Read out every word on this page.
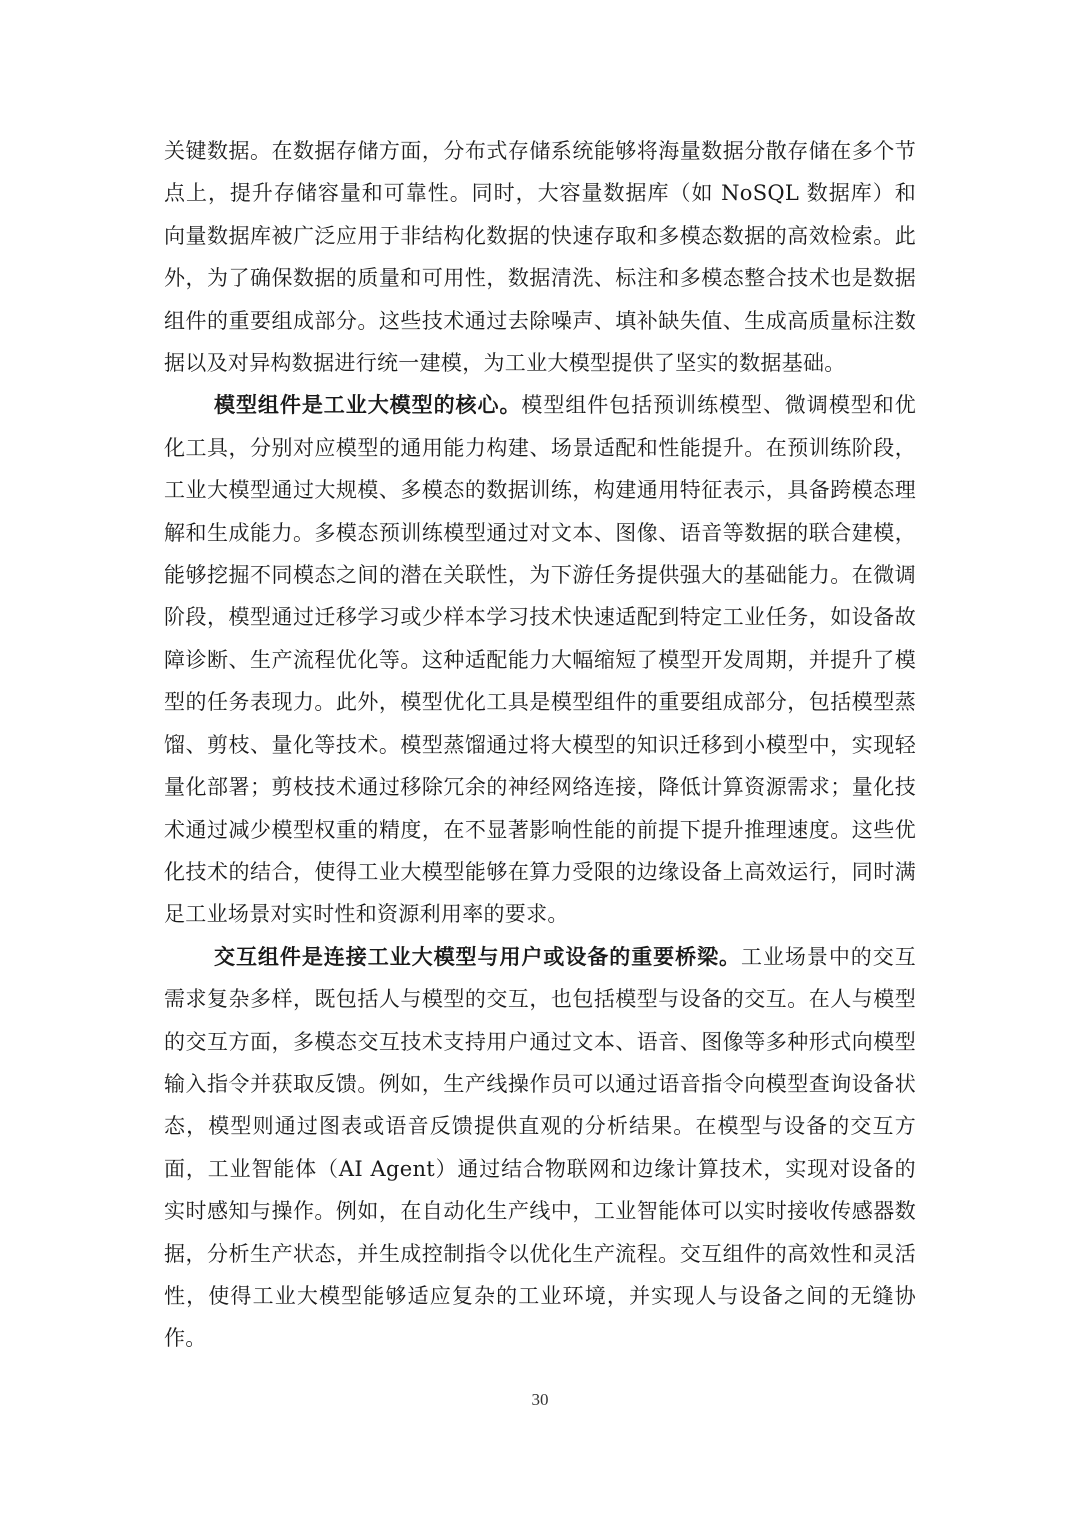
关键数据。在数据存储方面，分布式存储系统能够将海量数据分散存储在多个节点上，提升存储容量和可靠性。同时，大容量数据库（如 NoSQL 数据库）和向量数据库被广泛应用于非结构化数据的快速存取和多模态数据的高效检索。此外，为了确保数据的质量和可用性，数据清洗、标注和多模态整合技术也是数据组件的重要组成部分。这些技术通过去除噪声、填补缺失值、生成高质量标注数据以及对异构数据进行统一建模，为工业大模型提供了坚实的数据基础。

模型组件是工业大模型的核心。模型组件包括预训练模型、微调模型和优化工具，分别对应模型的通用能力构建、场景适配和性能提升。在预训练阶段，工业大模型通过大规模、多模态的数据训练，构建通用特征表示，具备跨模态理解和生成能力。多模态预训练模型通过对文本、图像、语音等数据的联合建模，能够挖掘不同模态之间的潜在关联性，为下游任务提供强大的基础能力。在微调阶段，模型通过迁移学习或少样本学习技术快速适配到特定工业任务，如设备故障诊断、生产流程优化等。这种适配能力大幅缩短了模型开发周期，并提升了模型的任务表现力。此外，模型优化工具是模型组件的重要组成部分，包括模型蒸馏、剪枝、量化等技术。模型蒸馏通过将大模型的知识迁移到小模型中，实现轻量化部署；剪枝技术通过移除冗余的神经网络连接，降低计算资源需求；量化技术通过减少模型权重的精度，在不显著影响性能的前提下提升推理速度。这些优化技术的结合，使得工业大模型能够在算力受限的边缘设备上高效运行，同时满足工业场景对实时性和资源利用率的要求。

交互组件是连接工业大模型与用户或设备的重要桥梁。工业场景中的交互需求复杂多样，既包括人与模型的交互，也包括模型与设备的交互。在人与模型的交互方面，多模态交互技术支持用户通过文本、语音、图像等多种形式向模型输入指令并获取反馈。例如，生产线操作员可以通过语音指令向模型查询设备状态，模型则通过图表或语音反馈提供直观的分析结果。在模型与设备的交互方面，工业智能体（AI Agent）通过结合物联网和边缘计算技术，实现对设备的实时感知与操作。例如，在自动化生产线中，工业智能体可以实时接收传感器数据，分析生产状态，并生成控制指令以优化生产流程。交互组件的高效性和灵活性，使得工业大模型能够适应复杂的工业环境，并实现人与设备之间的无缝协作。

30
